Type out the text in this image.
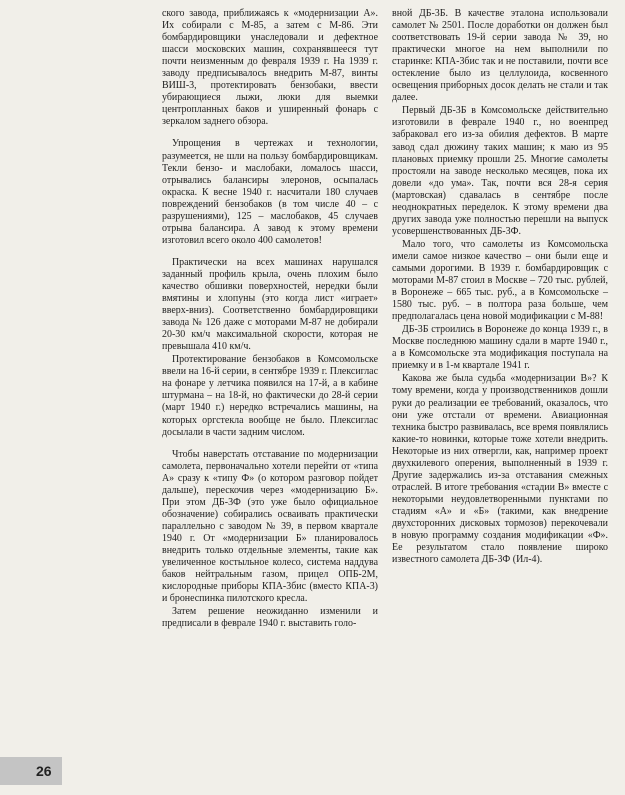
ского завода, приближаясь к «модернизации А». Их собирали с М-85, а затем с М-86. Эти бомбардировщики унаследовали и дефектное шасси московских машин, сохранявшееся тут почти неизменным до февраля 1939 г. На 1939 г. заводу предписывалось внедрить М-87, винты ВИШ-3, протектировать бензобаки, ввести убирающиеся лыжи, люки для выемки центропланных баков и уширенный фонарь с зеркалом заднего обзора.

Упрощения в чертежах и технологии, разумеется, не шли на пользу бомбардировщикам. Текли бензо- и маслобаки, ломалось шасси, отрывались балансиры элеронов, осыпалась окраска. К весне 1940 г. насчитали 180 случаев повреждений бензобаков (в том числе 40 – с разрушениями), 125 – маслобаков, 45 случаев отрыва балансира. А завод к этому времени изготовил всего около 400 самолетов!

Практически на всех машинах нарушался заданный профиль крыла, очень плохим было качество обшивки поверхностей, нередки были вмятины и хлопуны (это когда лист «играет» вверх-вниз). Соответственно бомбардировщики завода № 126 даже с моторами М-87 не добирали 20-30 км/ч максимальной скорости, которая не превышала 410 км/ч.

Протектирование бензобаков в Комсомольске ввели на 16-й серии, в сентябре 1939 г. Плексиглас на фонаре у летчика появился на 17-й, а в кабине штурмана – на 18-й, но фактически до 28-й серии (март 1940 г.) нередко встречались машины, на которых оргстекла вообще не было. Плексиглас досылали в части задним числом.

Чтобы наверстать отставание по модернизации самолета, первоначально хотели перейти от «типа А» сразу к «типу Ф» (о котором разговор пойдет дальше), перескочив через «модернизацию Б». При этом ДБ-3Ф (это уже было официальное обозначение) собирались осваивать практически параллельно с заводом № 39, в первом квартале 1940 г. От «модернизации Б» планировалось внедрить только отдельные элементы, такие как увеличенное костыльное колесо, система наддува баков нейтральным газом, прицел ОПБ-2М, кислородные приборы КПА-3бис (вместо КПА-3) и бронеспинка пилотского кресла.

Затем решение неожиданно изменили и предписали в феврале 1940 г. выставить голо-

вной ДБ-3Б. В качестве эталона использовали самолет № 2501. После доработки он должен был соответствовать 19-й серии завода № 39, но практически многое на нем выполнили по старинке: КПА-3бис так и не поставили, почти все остекление было из целлулоида, косвенного освещения приборных досок делать не стали и так далее.

Первый ДБ-3Б в Комсомольске действительно изготовили в феврале 1940 г., но военпред забраковал его из-за обилия дефектов. В марте завод сдал дюжину таких машин; к маю из 95 плановых приемку прошли 25. Многие самолеты простояли на заводе несколько месяцев, пока их довели «до ума». Так, почти вся 28-я серия (мартовская) сдавалась в сентябре после неоднократных переделок. К этому времени два других завода уже полностью перешли на выпуск усовершенствованных ДБ-3Ф.

Мало того, что самолеты из Комсомольска имели самое низкое качество – они были еще и самыми дорогими. В 1939 г. бомбардировщик с моторами М-87 стоил в Москве – 720 тыс. рублей, в Воронеже – 665 тыс. руб., а в Комсомольске – 1580 тыс. руб. – в полтора раза больше, чем предполагалась цена новой модификации с М-88!

ДБ-3Б строились в Воронеже до конца 1939 г., в Москве последнюю машину сдали в марте 1940 г., а в Комсомольске эта модификация поступала на приемку и в 1-м квартале 1941 г.

Какова же была судьба «модернизации В»? К тому времени, когда у производственников дошли руки до реализации ее требований, оказалось, что они уже отстали от времени. Авиационная техника быстро развивалась, все время появлялись какие-то новинки, которые тоже хотели внедрить. Некоторые из них отвергли, как, например проект двухкилевого оперения, выполненный в 1939 г. Другие задержались из-за отставания смежных отраслей. В итоге требования «стадии В» вместе с некоторыми неудовлетворенными пунктами по стадиям «А» и «Б» (такими, как внедрение двухсторонних дисковых тормозов) перекочевали в новую программу создания модификации «Ф». Ее результатом стало появление широко известного самолета ДБ-3Ф (Ил-4).

26
